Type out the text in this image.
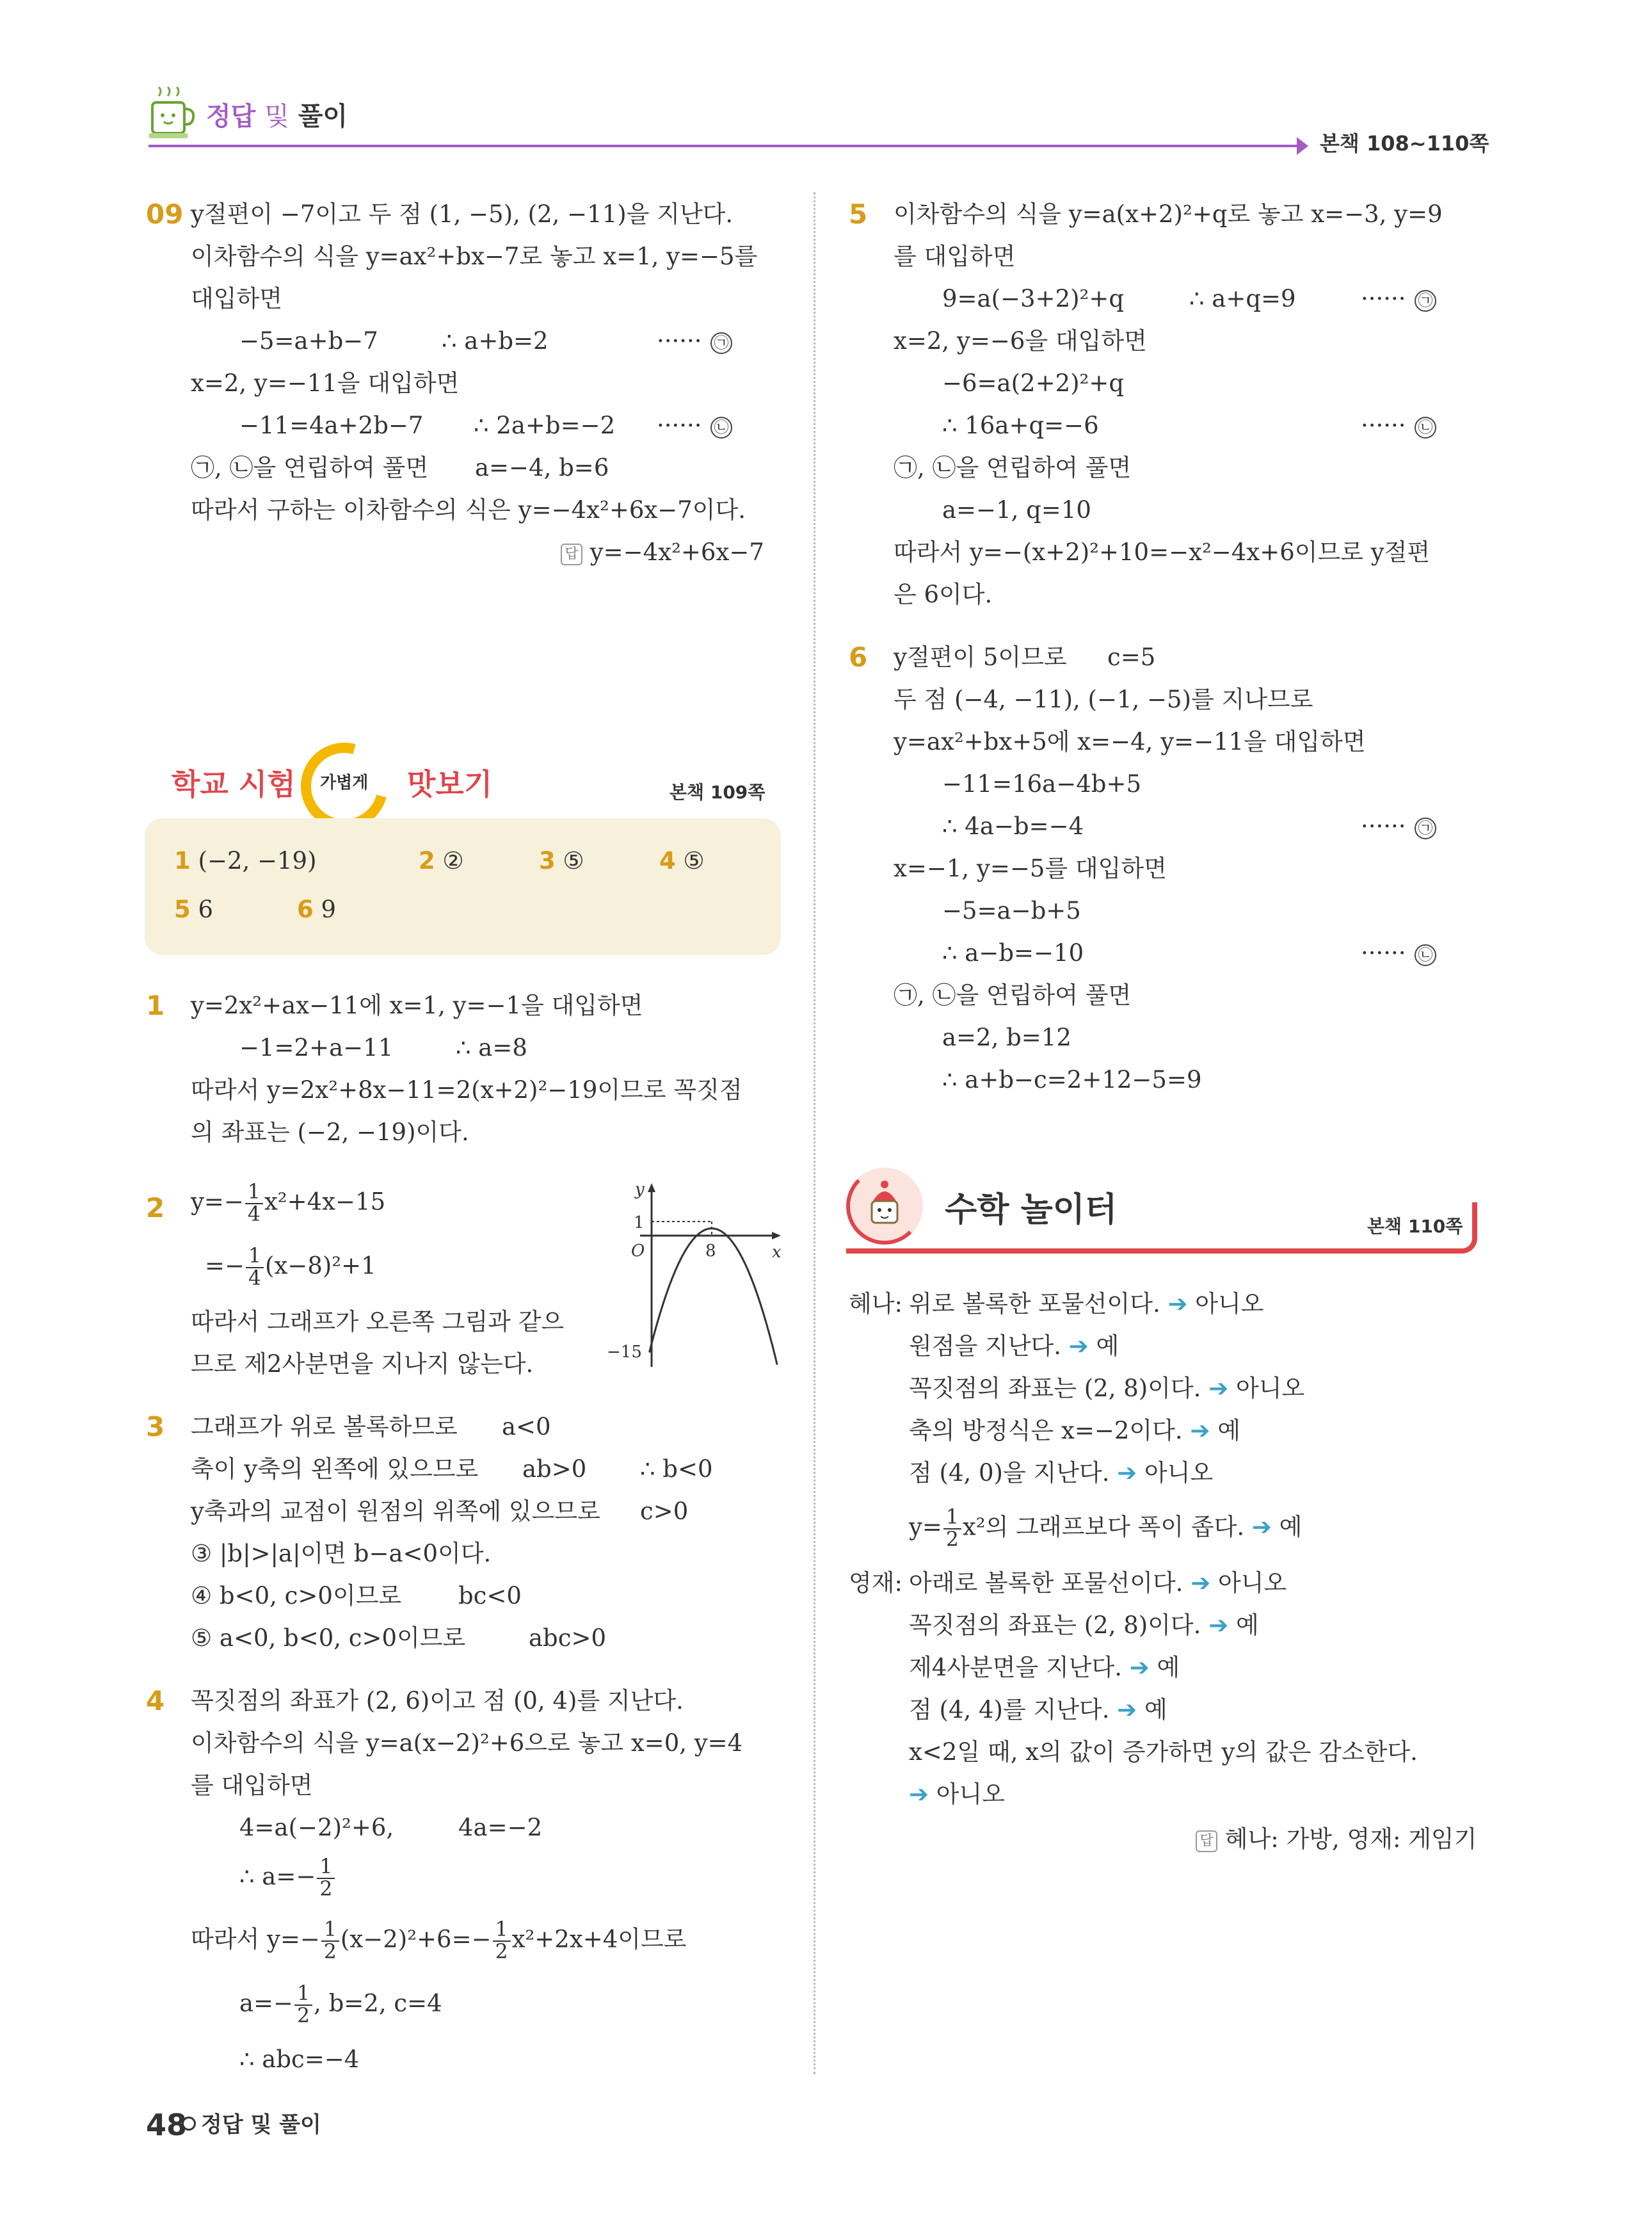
정답 및 풀이
본책 108~110쪽
09 y절편이 −7이고 두 점 (1, −5), (2, −11)을 지난다.
이차함수의 식을 y=ax²+bx−7로 놓고 x=1, y=−5를
대입하면
−5=a+b−7	∴ a+b=2	······ ㉠
x=2, y=−11을 대입하면
−11=4a+2b−7 ∴ 2a+b=−2 ······ ㉡
㉠, ㉡을 연립하여 풀면 a=−4, b=6
따라서 구하는 이차함수의 식은 y=−4x²+6x−7이다.
답 y=−4x²+6x−7
학교 시험 가볍게 맛보기	본책 109쪽
1 (−2, −19)	2 ②	3 ⑤	4 ⑤
5 6	6 9
1 y=2x²+ax−11에 x=1, y=−1을 대입하면
−1=2+a−11	∴ a=8
따라서 y=2x²+8x−11=2(x+2)²−19이므로 꼭짓점
의 좌표는 (−2, −19)이다.
2 $y=- \frac{1}{4} x^2+4x-15$
=− $\frac{1}{4} (x-8)^2+1$
따라서 그래프가 오른쪽 그림과 같으
므로 제2사분면을 지나지 않는다.
y
x
1
O	8
−15
3 그래프가 위로 볼록하므로 a<0
축이 y축의 왼쪽에 있으므로 ab>0 ∴ b<0
y축과의 교점이 원점의 위쪽에 있으므로 c>0
③ |b|>|a|이면 b−a<0이다.
④ b<0, c>0이므로 bc<0
⑤ a<0, b<0, c>0이므로	abc>0
4 꼭짓점의 좌표가 (2, 6)이고 점 (0, 4)를 지난다.
이차함수의 식을 y=a(x−2)²+6으로 놓고 x=0, y=4
를 대입하면
4=a(−2)²+6,	4a=−2
∴ $a=- \frac{1}{2}$
따라서 $y=- \frac{1}{2} (x-2)^2+6=- \frac{1}{2} x^2+2x+4$이므로
$a=- \frac{1}{2}$ , b=2, c=4
∴ abc=−4
5 이차함수의 식을 y=a(x+2)²+q로 놓고 x=−3, y=9
를 대입하면
9=a(−3+2)²+q	∴ a+q=9	······ ㉠
x=2, y=−6을 대입하면
−6=a(2+2)²+q
∴ 16a+q=−6	······ ㉡
㉠, ㉡을 연립하여 풀면
a=−1, q=10
따라서 y=−(x+2)²+10=−x²−4x+6이므로 y절편
은 6이다.
6 y절편이 5이므로 c=5
두 점 (−4, −11), (−1, −5)를 지나므로
y=ax²+bx+5에 x=−4, y=−11을 대입하면
−11=16a−4b+5
∴ 4a−b=−4	······ ㉠
x=−1, y=−5를 대입하면
−5=a−b+5
∴ a−b=−10	······ ㉡
㉠, ㉡을 연립하여 풀면
a=2, b=12
∴ a+b−c=2+12−5=9
수학 놀이터	본책 110쪽
혜나: 위로 볼록한 포물선이다. ➔ 아니오
원점을 지난다. ➔ 예
꼭짓점의 좌표는 (2, 8)이다. ➔ 아니오
축의 방정식은 x=−2이다. ➔ 예
점 (4, 0)을 지난다. ➔ 아니오
$y= \frac{1}{2} x^2$의 그래프보다 폭이 좁다. ➔ 예
영재: 아래로 볼록한 포물선이다. ➔ 아니오
꼭짓점의 좌표는 (2, 8)이다. ➔ 예
제4사분면을 지난다. ➔ 예
점 (4, 4)를 지난다. ➔ 예
x<2일 때, x의 값이 증가하면 y의 값은 감소한다.
➔ 아니오
답 혜나: 가방, 영재: 게임기
48 정답 및 풀이
